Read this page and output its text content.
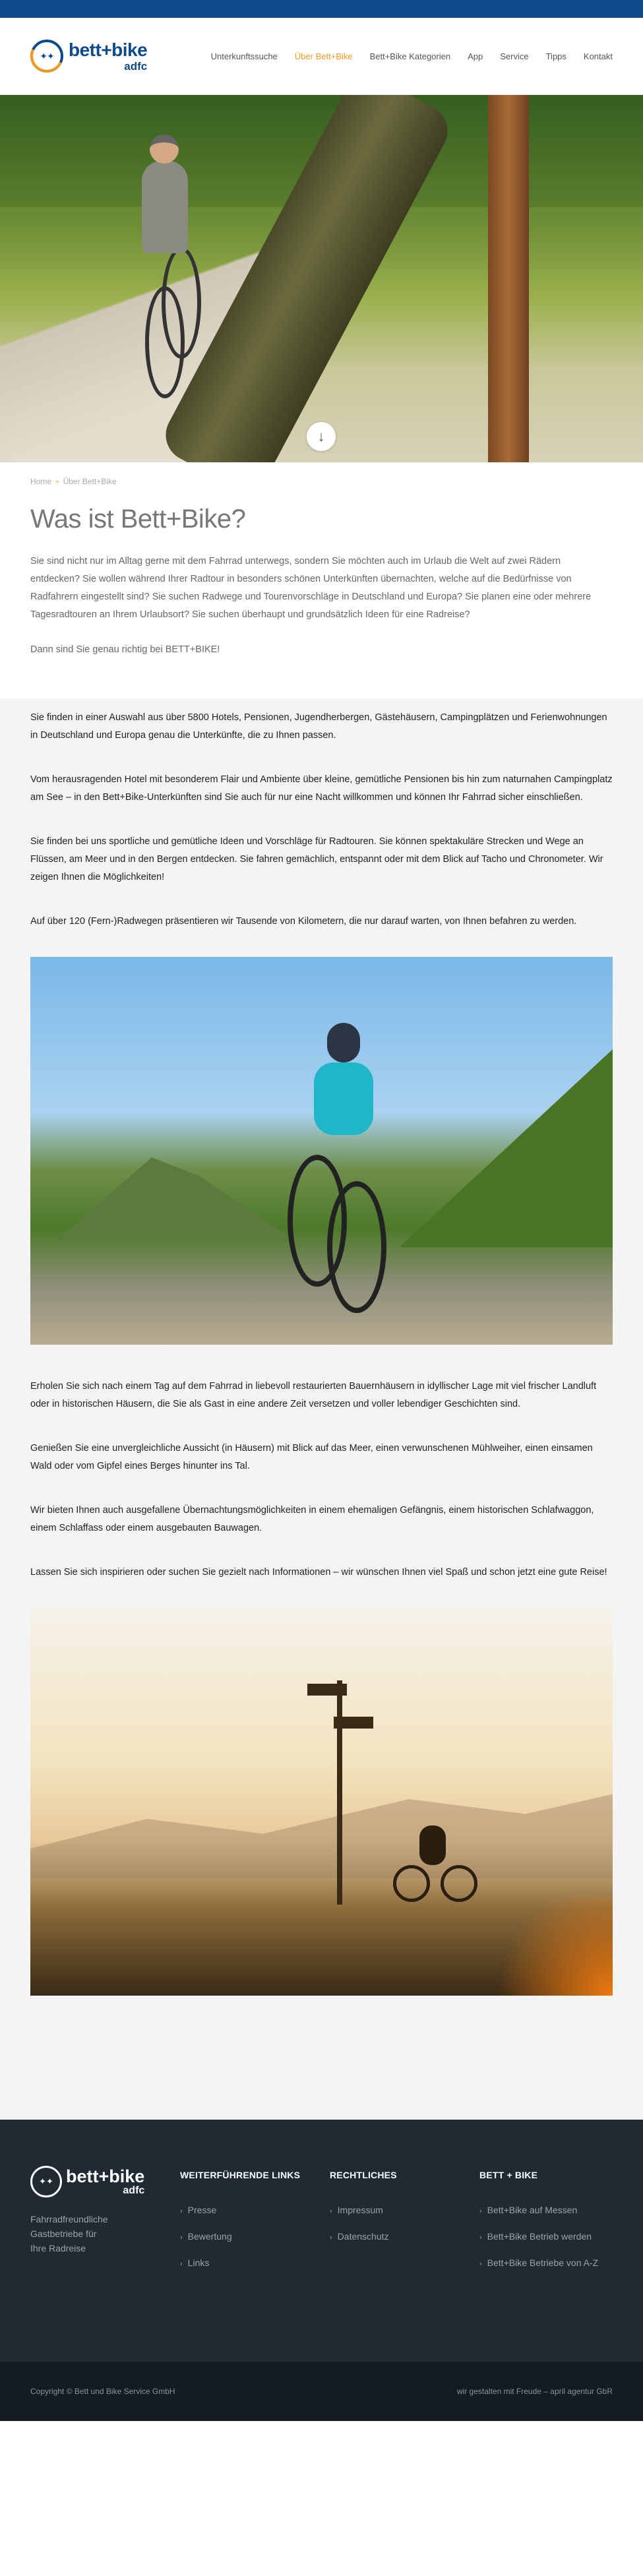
✦✦ bett+bike
adfc
Unterkunftssuche Über Bett+Bike Bett+Bike Kategorien App Service Tipps Kontakt
↓
Home » Über Bett+Bike
Was ist Bett+Bike?

Sie sind nicht nur im Alltag gerne mit dem Fahrrad unterwegs, sondern Sie möchten auch im Urlaub die Welt auf zwei Rädern entdecken? Sie wollen während Ihrer Radtour in besonders schönen Unterkünften übernachten, welche auf die Bedürfnisse von Radfahrern eingestellt sind? Sie suchen Radwege und Tourenvorschläge in Deutschland und Europa? Sie planen eine oder mehrere Tagesradtouren an Ihrem Urlaubsort? Sie suchen überhaupt und grundsätzlich Ideen für eine Radreise?

Dann sind Sie genau richtig bei BETT+BIKE!

Sie finden in einer Auswahl aus über 5800 Hotels, Pensionen, Jugendherbergen, Gästehäusern, Campingplätzen und Ferienwohnungen in Deutschland und Europa genau die Unterkünfte, die zu Ihnen passen.

Vom herausragenden Hotel mit besonderem Flair und Ambiente über kleine, gemütliche Pensionen bis hin zum naturnahen Campingplatz am See – in den Bett+Bike-Unterkünften sind Sie auch für nur eine Nacht willkommen und können Ihr Fahrrad sicher einschließen.

Sie finden bei uns sportliche und gemütliche Ideen und Vorschläge für Radtouren. Sie können spektakuläre Strecken und Wege an Flüssen, am Meer und in den Bergen entdecken. Sie fahren gemächlich, entspannt oder mit dem Blick auf Tacho und Chronometer. Wir zeigen Ihnen die Möglichkeiten!

Auf über 120 (Fern-)Radwegen präsentieren wir Tausende von Kilometern, die nur darauf warten, von Ihnen befahren zu werden.

Erholen Sie sich nach einem Tag auf dem Fahrrad in liebevoll restaurierten Bauernhäusern in idyllischer Lage mit viel frischer Landluft oder in historischen Häusern, die Sie als Gast in eine andere Zeit versetzen und voller lebendiger Geschichten sind.

Genießen Sie eine unvergleichliche Aussicht (in Häusern) mit Blick auf das Meer, einen verwunschenen Mühlweiher, einen einsamen Wald oder vom Gipfel eines Berges hinunter ins Tal.

Wir bieten Ihnen auch ausgefallene Übernachtungsmöglichkeiten in einem ehemaligen Gefängnis, einem historischen Schlafwaggon, einem Schlaffass oder einem ausgebauten Bauwagen.

Lassen Sie sich inspirieren oder suchen Sie gezielt nach Informationen – wir wünschen Ihnen viel Spaß und schon jetzt eine gute Reise!

✦✦ bett+bike
adfc

Fahrradfreundliche Gastbetriebe für Ihre Radreise

WEITERFÜHRENDE LINKS
› Presse
› Bewertung
› Links
RECHTLICHES
› Impressum
› Datenschutz
BETT + BIKE
› Bett+Bike auf Messen
› Bett+Bike Betrieb werden
› Bett+Bike Betriebe von A-Z
Copyright © Bett und Bike Service GmbH	wir gestalten mit Freude – april agentur GbR
